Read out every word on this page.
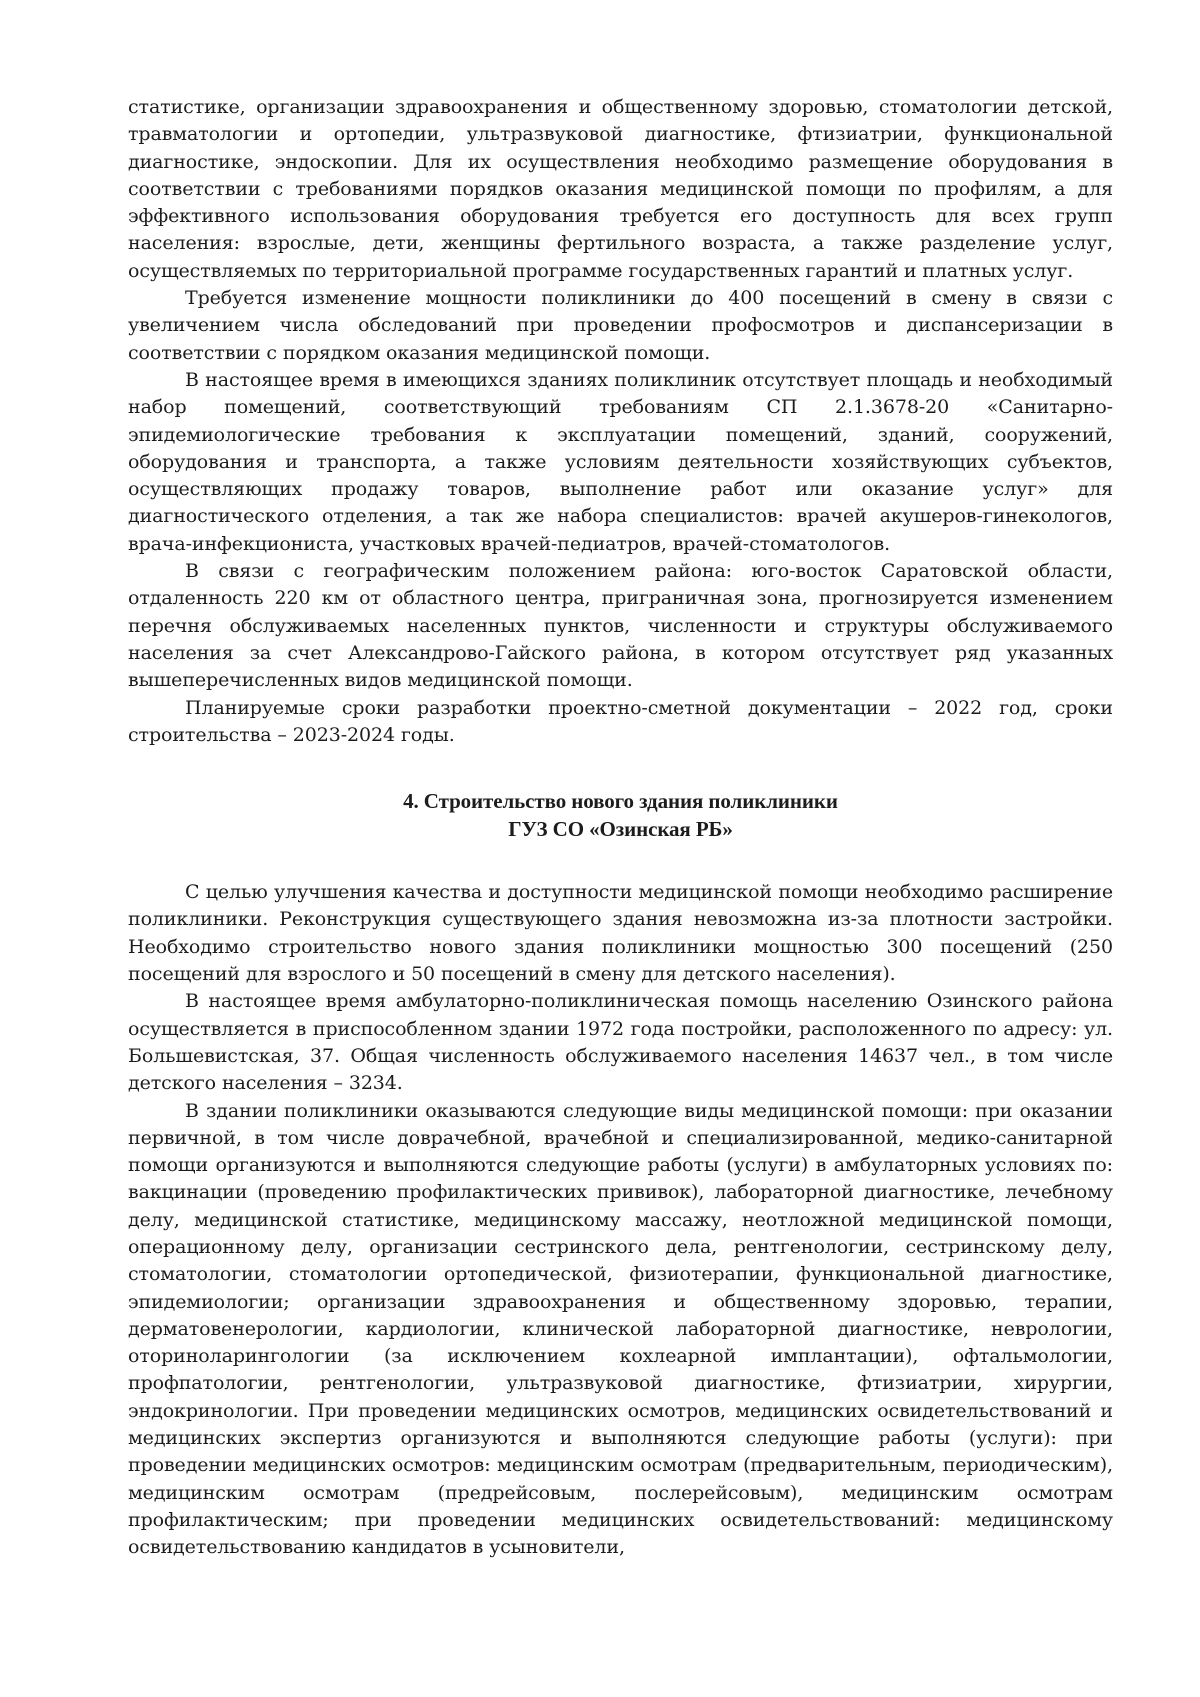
статистике, организации здравоохранения и общественному здоровью, стоматологии детской, травматологии и ортопедии, ультразвуковой диагностике, фтизиатрии, функциональной диагностике, эндоскопии. Для их осуществления необходимо размещение оборудования в соответствии с требованиями порядков оказания медицинской помощи по профилям, а для эффективного использования оборудования требуется его доступность для всех групп населения: взрослые, дети, женщины фертильного возраста, а также разделение услуг, осуществляемых по территориальной программе государственных гарантий и платных услуг.

Требуется изменение мощности поликлиники до 400 посещений в смену в связи с увеличением числа обследований при проведении профосмотров и диспансеризации в соответствии с порядком оказания медицинской помощи.

В настоящее время в имеющихся зданиях поликлиник отсутствует площадь и необходимый набор помещений, соответствующий требованиям СП 2.1.3678-20 «Санитарно-эпидемиологические требования к эксплуатации помещений, зданий, сооружений, оборудования и транспорта, а также условиям деятельности хозяйствующих субъектов, осуществляющих продажу товаров, выполнение работ или оказание услуг» для диагностического отделения, а так же набора специалистов: врачей акушеров-гинекологов, врача-инфекциониста, участковых врачей-педиатров, врачей-стоматологов.

В связи с географическим положением района: юго-восток Саратовской области, отдаленность 220 км от областного центра, приграничная зона, прогнозируется изменением перечня обслуживаемых населенных пунктов, численности и структуры обслуживаемого населения за счет Александрово-Гайского района, в котором отсутствует ряд указанных вышеперечисленных видов медицинской помощи.

Планируемые сроки разработки проектно-сметной документации – 2022 год, сроки строительства – 2023-2024 годы.

4. Строительство нового здания поликлиники
ГУЗ СО «Озинская РБ»

С целью улучшения качества и доступности медицинской помощи необходимо расширение поликлиники. Реконструкция существующего здания невозможна из-за плотности застройки. Необходимо строительство нового здания поликлиники мощностью 300 посещений (250 посещений для взрослого и 50 посещений в смену для детского населения).

В настоящее время амбулаторно-поликлиническая помощь населению Озинского района осуществляется в приспособленном здании 1972 года постройки, расположенного по адресу: ул. Большевистская, 37. Общая численность обслуживаемого населения 14637 чел., в том числе детского населения – 3234.

В здании поликлиники оказываются следующие виды медицинской помощи: при оказании первичной, в том числе доврачебной, врачебной и специализированной, медико-санитарной помощи организуются и выполняются следующие работы (услуги) в амбулаторных условиях по: вакцинации (проведению профилактических прививок), лабораторной диагностике, лечебному делу, медицинской статистике, медицинскому массажу, неотложной медицинской помощи, операционному делу, организации сестринского дела, рентгенологии, сестринскому делу, стоматологии, стоматологии ортопедической, физиотерапии, функциональной диагностике, эпидемиологии; организации здравоохранения и общественному здоровью, терапии, дерматовенерологии, кардиологии, клинической лабораторной диагностике, неврологии, оториноларингологии (за исключением кохлеарной имплантации), офтальмологии, профпатологии, рентгенологии, ультразвуковой диагностике, фтизиатрии, хирургии, эндокринологии. При проведении медицинских осмотров, медицинских освидетельствований и медицинских экспертиз организуются и выполняются следующие работы (услуги): при проведении медицинских осмотров: медицинским осмотрам (предварительным, периодическим), медицинским осмотрам (предрейсовым, послерейсовым), медицинским осмотрам профилактическим; при проведении медицинских освидетельствований: медицинскому освидетельствованию кандидатов в усыновители,
